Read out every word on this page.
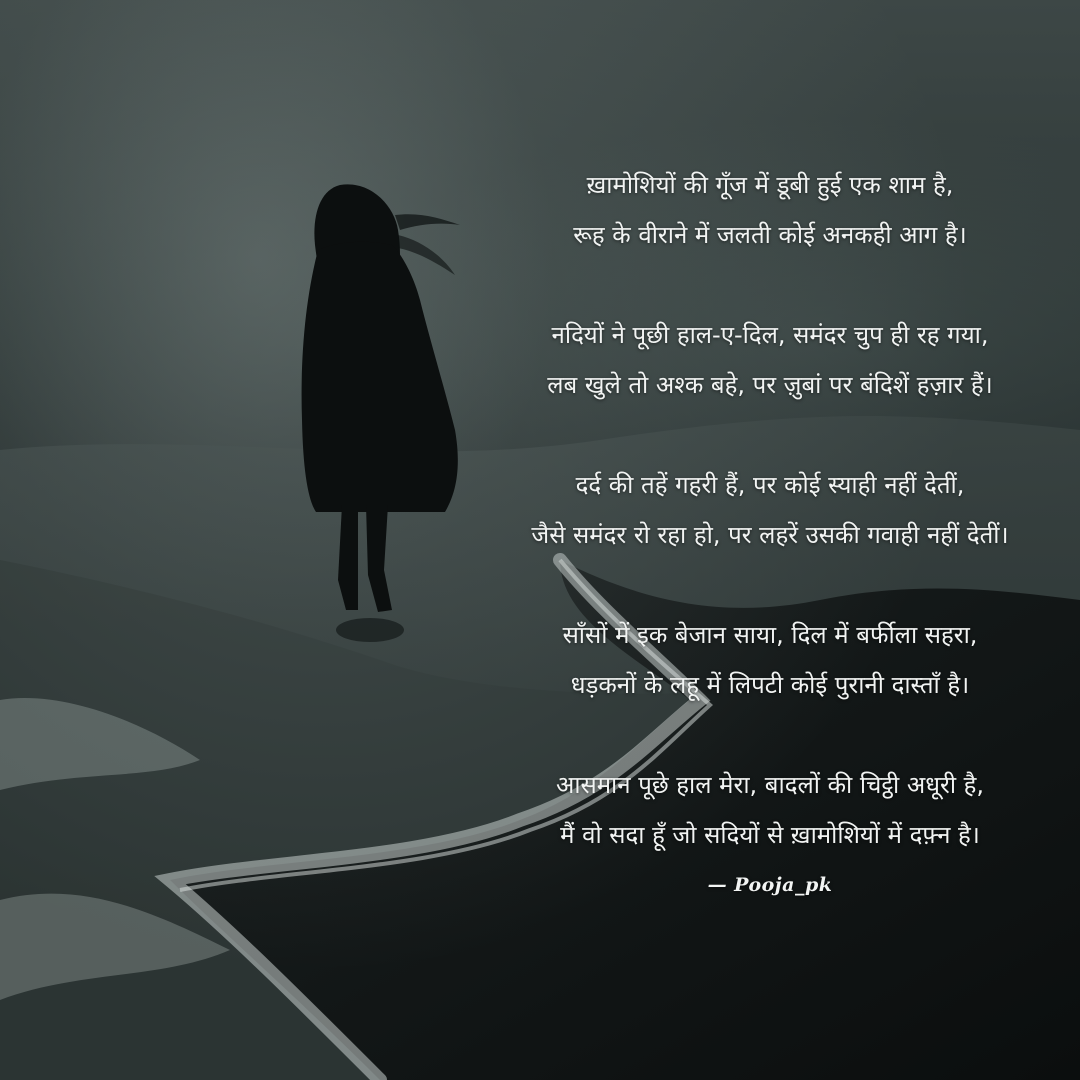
ख़ामोशियों की गूँज में डूबी हुई एक शाम है,
रूह के वीराने में जलती कोई अनकही आग है।
नदियों ने पूछी हाल-ए-दिल, समंदर चुप ही रह गया,
लब खुले तो अश्क बहे, पर ज़ुबां पर बंदिशें हज़ार हैं।
दर्द की तहें गहरी हैं, पर कोई स्याही नहीं देतीं,
जैसे समंदर रो रहा हो, पर लहरें उसकी गवाही नहीं देतीं।
साँसों में इक बेजान साया, दिल में बर्फीला सहरा,
धड़कनों के लहू में लिपटी कोई पुरानी दास्ताँ है।
आसमान पूछे हाल मेरा, बादलों की चिट्ठी अधूरी है,
मैं वो सदा हूँ जो सदियों से ख़ामोशियों में दफ़्न है।
— Pooja_pk
